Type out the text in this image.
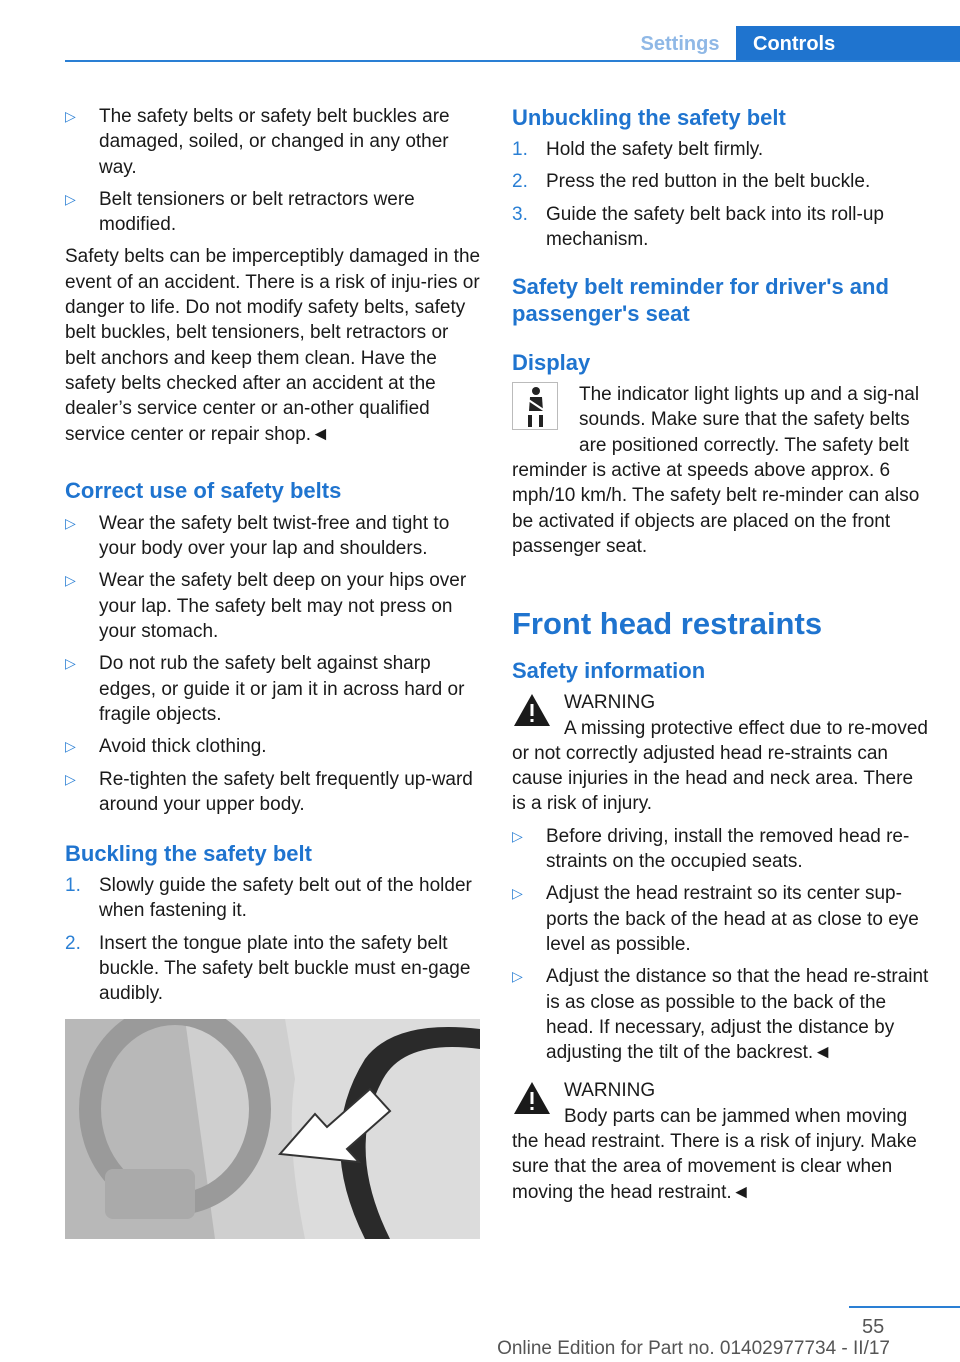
Settings	Controls
▷ The safety belts or safety belt buckles are damaged, soiled, or changed in any other way.
▷ Belt tensioners or belt retractors were modified.

Safety belts can be imperceptibly damaged in the event of an accident. There is a risk of inju-ries or danger to life. Do not modify safety belts, safety belt buckles, belt tensioners, belt retractors or belt anchors and keep them clean. Have the safety belts checked after an accident at the dealer’s service center or an-other qualified service center or repair shop.◄

Correct use of safety belts
▷ Wear the safety belt twist-free and tight to your body over your lap and shoulders.
▷ Wear the safety belt deep on your hips over your lap. The safety belt may not press on your stomach.
▷ Do not rub the safety belt against sharp edges, or guide it or jam it in across hard or fragile objects.
▷ Avoid thick clothing.
▷ Re-tighten the safety belt frequently up-ward around your upper body.
Buckling the safety belt
1. Slowly guide the safety belt out of the holder when fastening it.
2. Insert the tongue plate into the safety belt buckle. The safety belt buckle must en-gage audibly.
Unbuckling the safety belt
1. Hold the safety belt firmly.
2. Press the red button in the belt buckle.
3. Guide the safety belt back into its roll-up mechanism.
Safety belt reminder for driver's and passenger's seat
Display

The indicator light lights up and a sig-nal sounds. Make sure that the safety belts are positioned correctly. The safety belt reminder is active at speeds above approx. 6 mph/10 km/h. The safety belt re-minder can also be activated if objects are placed on the front passenger seat.

Front head restraints
Safety information

WARNING
A missing protective effect due to re-moved or not correctly adjusted head re-straints can cause injuries in the head and neck area. There is a risk of injury.

▷ Before driving, install the removed head re-straints on the occupied seats.
▷ Adjust the head restraint so its center sup-ports the back of the head at as close to eye level as possible.
▷ Adjust the distance so that the head re-straint is as close as possible to the back of the head. If necessary, adjust the distance by adjusting the tilt of the backrest.◄

WARNING
Body parts can be jammed when moving the head restraint. There is a risk of injury. Make sure that the area of movement is clear when moving the head restraint.◄

55
Online Edition for Part no. 01402977734 - II/17
